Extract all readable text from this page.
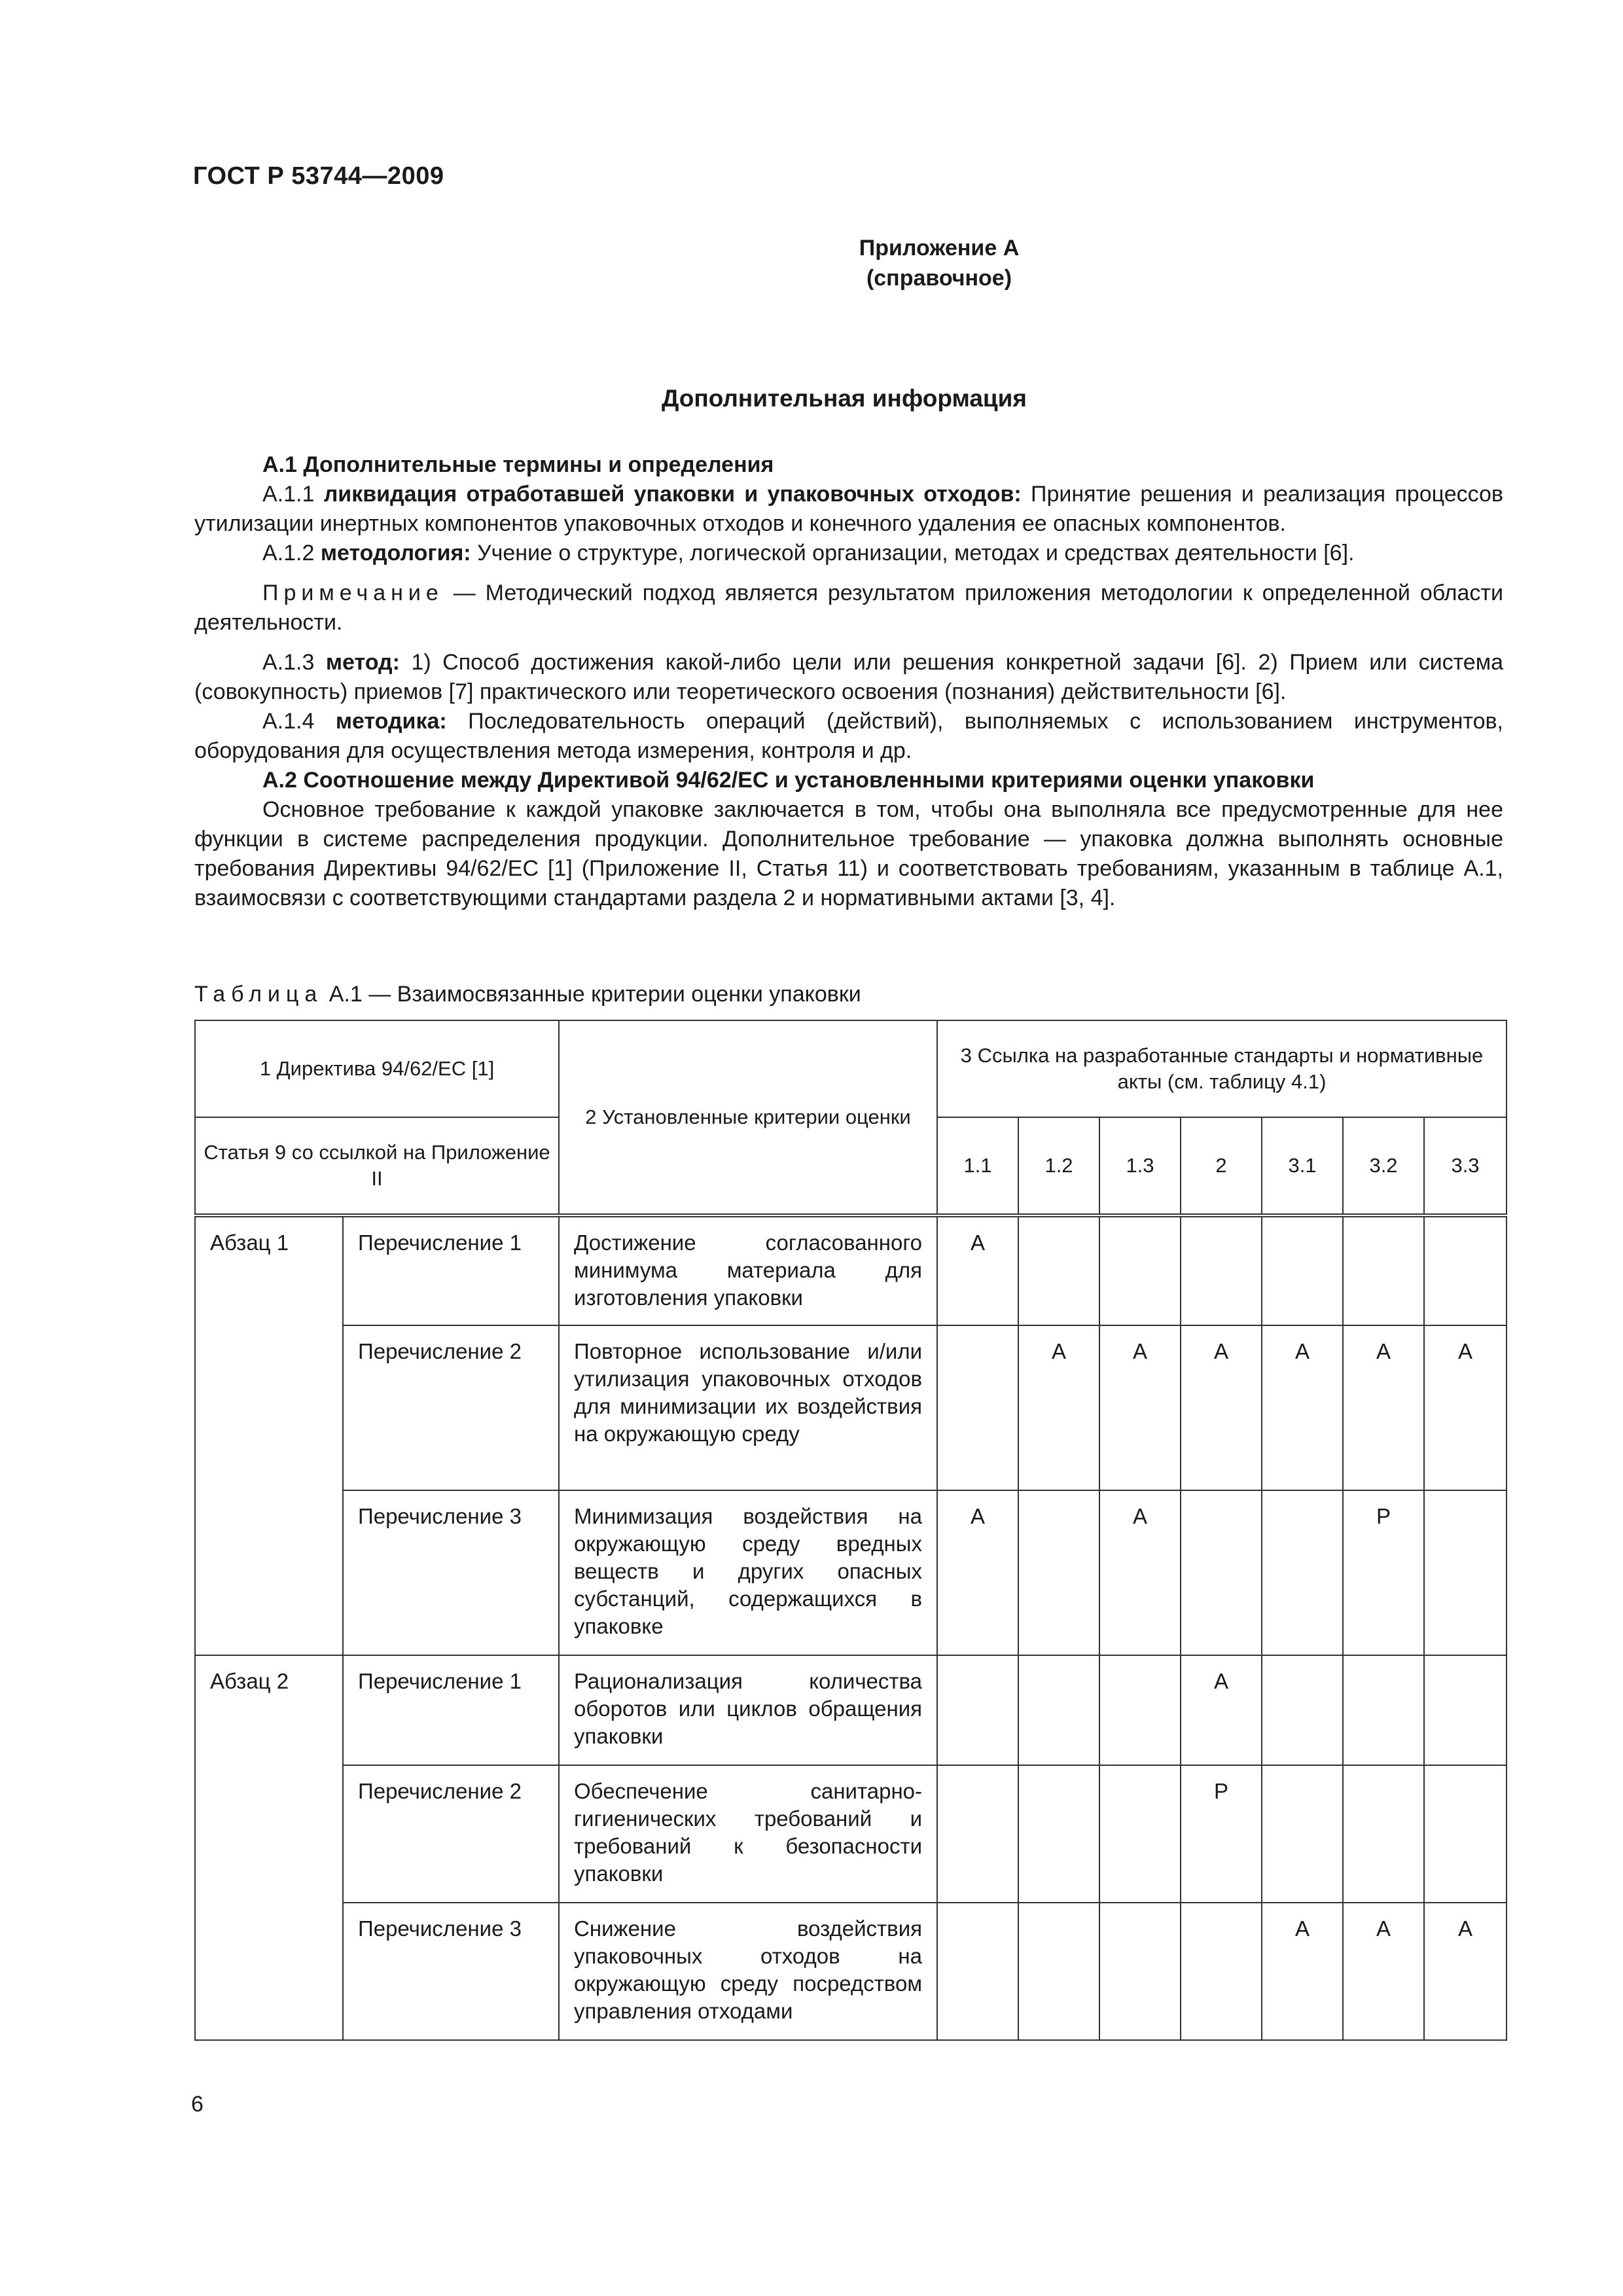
ГОСТ Р 53744—2009
Приложение А
(справочное)
Дополнительная информация

А.1 Дополнительные термины и определения

А.1.1 ликвидация отработавшей упаковки и упаковочных отходов: Принятие решения и реализация процессов утилизации инертных компонентов упаковочных отходов и конечного удаления ее опасных компонентов.

А.1.2 методология: Учение о структуре, логической организации, методах и средствах деятельности [6].

Примечание — Методический подход является результатом приложения методологии к определенной области деятельности.

А.1.3 метод: 1) Способ достижения какой-либо цели или решения конкретной задачи [6]. 2) Прием или система (совокупность) приемов [7] практического или теоретического освоения (познания) действительности [6].

А.1.4 методика: Последовательность операций (действий), выполняемых с использованием инструментов, оборудования для осуществления метода измерения, контроля и др.

А.2 Соотношение между Директивой 94/62/ЕС и установленными критериями оценки упаковки

Основное требование к каждой упаковке заключается в том, чтобы она выполняла все предусмотренные для нее функции в системе распределения продукции. Дополнительное требование — упаковка должна выполнять основные требования Директивы 94/62/ЕС [1] (Приложение II, Статья 11) и соответствовать требованиям, указанным в таблице А.1, взаимосвязи с соответствующими стандартами раздела 2 и нормативными актами [3, 4].

Таблица А.1 — Взаимосвязанные критерии оценки упаковки
1 Директива 94/62/ЕС [1]		2 Установленные критерии оценки	3 Ссылка на разработанные стандарты и нормативные акты (см. таблицу 4.1)						
Статья 9 со ссылкой на Приложение II			1.1	1.2	1.3	2	3.1	3.2	3.3
Абзац 1	Перечисление 1	Достижение согласованного минимума материала для изготовления упаковки	А						
	Перечисление 2	Повторное использование и/или утилизация упаковочных отходов для минимизации их воздействия на окружающую среду		А	А	А	А	А	А
	Перечисление 3	Минимизация воздействия на окружающую среду вредных веществ и других опасных субстанций, содержащихся в упаковке	А		А			Р	
Абзац 2	Перечисление 1	Рационализация количества оборотов или циклов обращения упаковки				А			
	Перечисление 2	Обеспечение санитарно-гигиенических требований и требований к безопасности упаковки				Р			
	Перечисление 3	Снижение воздействия упаковочных отходов на окружающую среду посредством управления отходами					А	А	А
6
